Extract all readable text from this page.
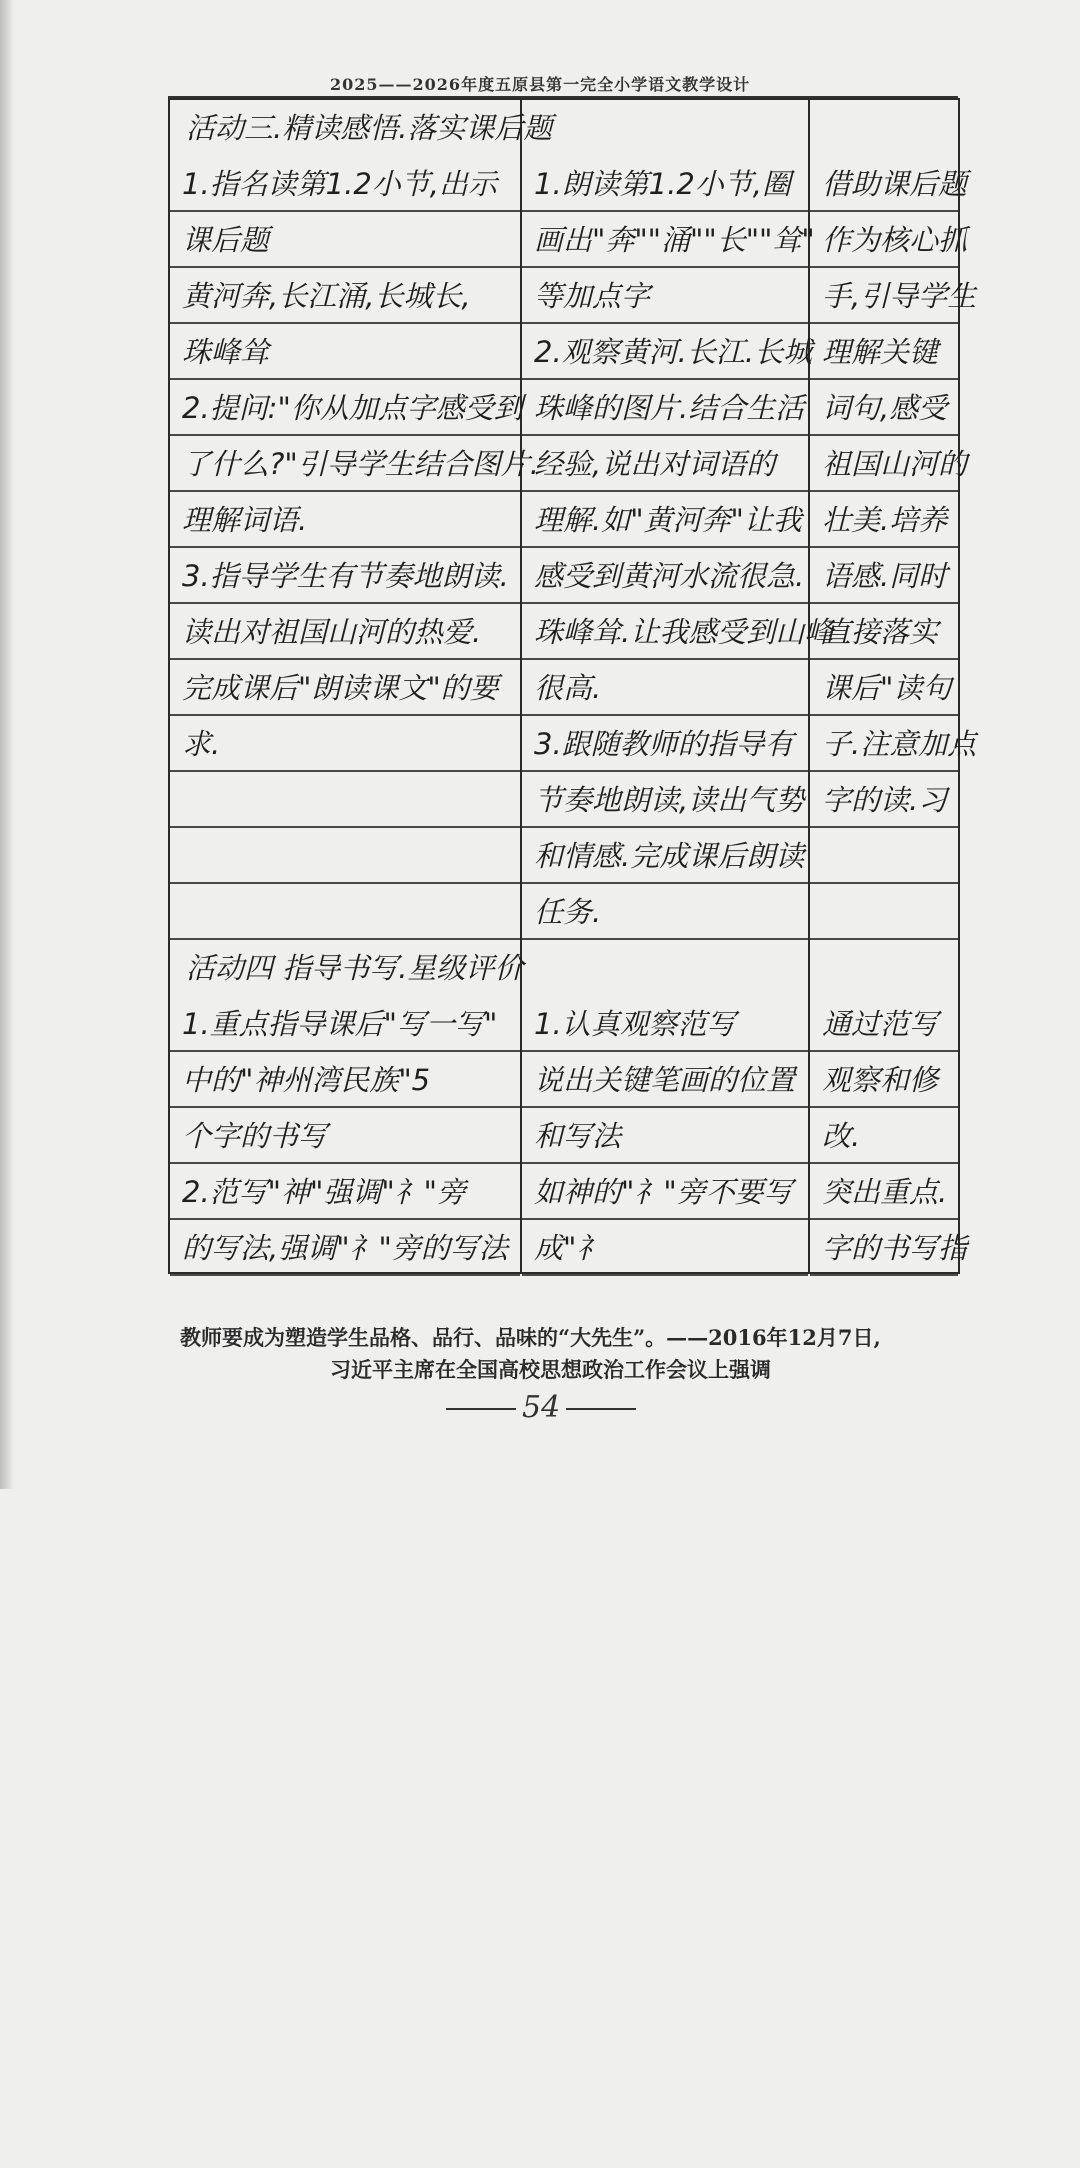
2025——2026年度五原县第一完全小学语文教学设计
活动三.精读感悟.落实课后题
1.指名读第1.2小节,出示
课后题
黄河奔,长江涌,长城长,
珠峰耸
2.提问:"你从加点字感受到
了什么?"引导学生结合图片.
理解词语.
3.指导学生有节奏地朗读.
读出对祖国山河的热爱.
完成课后"朗读课文"的要
求.
1.朗读第1.2小节,圈
画出"奔""涌""长""耸"
等加点字
2.观察黄河.长江.长城
珠峰的图片.结合生活
经验,说出对词语的
理解.如"黄河奔"让我
感受到黄河水流很急.
珠峰耸.让我感受到山峰
很高.
3.跟随教师的指导有
节奏地朗读,读出气势
和情感.完成课后朗读
任务.
借助课后题
作为核心抓
手,引导学生
理解关键
词句,感受
祖国山河的
壮美.培养
语感.同时
直接落实
课后"读句
子.注意加点
字的读.习
活动四 指导书写.星级评价
1.重点指导课后"写一写"
中的"神州湾民族"5
个字的书写
2.范写"神"强调"礻"旁
的写法,强调"礻"旁的写法
1.认真观察范写
说出关键笔画的位置
和写法
如神的"礻"旁不要写
成"礻
通过范写
观察和修
改.
突出重点.
字的书写指
教师要成为塑造学生品格、品行、品味的“大先生”。——2016年12月7日,
习近平主席在全国高校思想政治工作会议上强调
54
